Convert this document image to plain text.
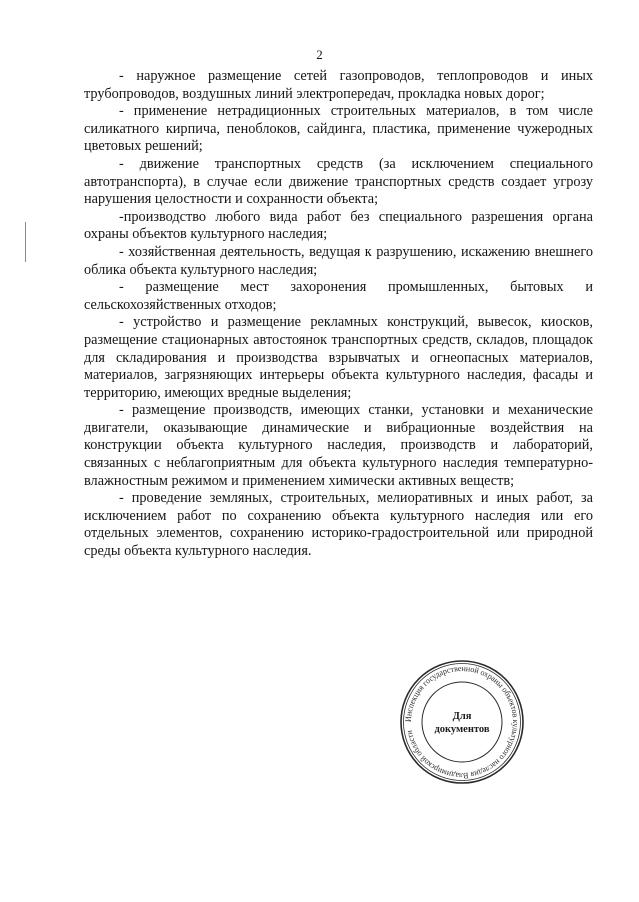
2

- наружное размещение сетей газопроводов, теплопроводов и иных трубопроводов, воздушных линий электропередач, прокладка новых дорог;

- применение нетрадиционных строительных материалов, в том числе силикатного кирпича, пеноблоков, сайдинга, пластика, применение чужеродных цветовых решений;

- движение транспортных средств (за исключением специального автотранспорта), в случае если движение транспортных средств создает угрозу нарушения целостности и сохранности объекта;

-производство любого вида работ без специального разрешения органа охраны объектов культурного наследия;

- хозяйственная деятельность, ведущая к разрушению, искажению внешнего облика объекта культурного наследия;

- размещение мест захоронения промышленных, бытовых и сельскохозяйственных отходов;

- устройство и размещение рекламных конструкций, вывесок, киосков, размещение стационарных автостоянок транспортных средств, складов, площадок для складирования и производства взрывчатых и огнеопасных материалов, материалов, загрязняющих интерьеры объекта культурного наследия, фасады и территорию, имеющих вредные выделения;

- размещение производств, имеющих станки, установки и механические двигатели, оказывающие динамические и вибрационные воздействия на конструкции объекта культурного наследия, производств и лабораторий, связанных с неблагоприятным для объекта культурного наследия температурно-влажностным режимом и применением химически активных веществ;

- проведение земляных, строительных, мелиоративных и иных работ, за исключением работ по сохранению объекта культурного наследия или его отдельных элементов, сохранению историко-градостроительной или природной среды объекта культурного наследия.

Инспекция государственной охраны объектов культурного наследия Владимирской области
Для
документов
